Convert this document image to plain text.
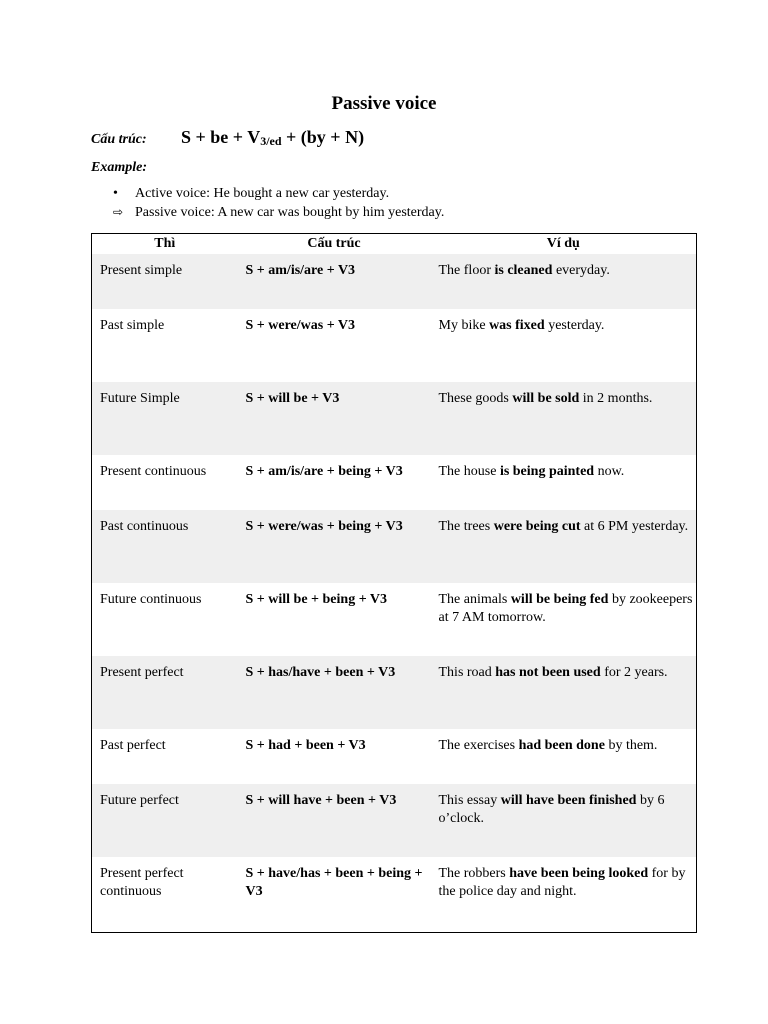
Passive voice
Cấu trúc: S + be + $V_{3/ed} + (by + N)$
Example:
• Active voice: He bought a new car yesterday.
⇨ Passive voice: A new car was bought by him yesterday.
Thì	Cấu trúc	Ví dụ
Present simple	S + am/is/are + V3	The floor is cleaned everyday.
Past simple	S + were/was + V3	My bike was fixed yesterday.
Future Simple	S + will be + V3	These goods will be sold in 2 months.
Present continuous	S + am/is/are + being + V3	The house is being painted now.
Past continuous	S + were/was + being + V3	The trees were being cut at 6 PM yesterday.
Future continuous	S + will be + being + V3	The animals will be being fed by zookeepers at 7 AM tomorrow.
Present perfect	S + has/have + been + V3	This road has not been used for 2 years.
Past perfect	S + had + been + V3	The exercises had been done by them.
Future perfect	S + will have + been + V3	This essay will have been finished by 6 o’clock.
Present perfect continuous	S + have/has + been + being + V3	The robbers have been being looked for by the police day and night.
